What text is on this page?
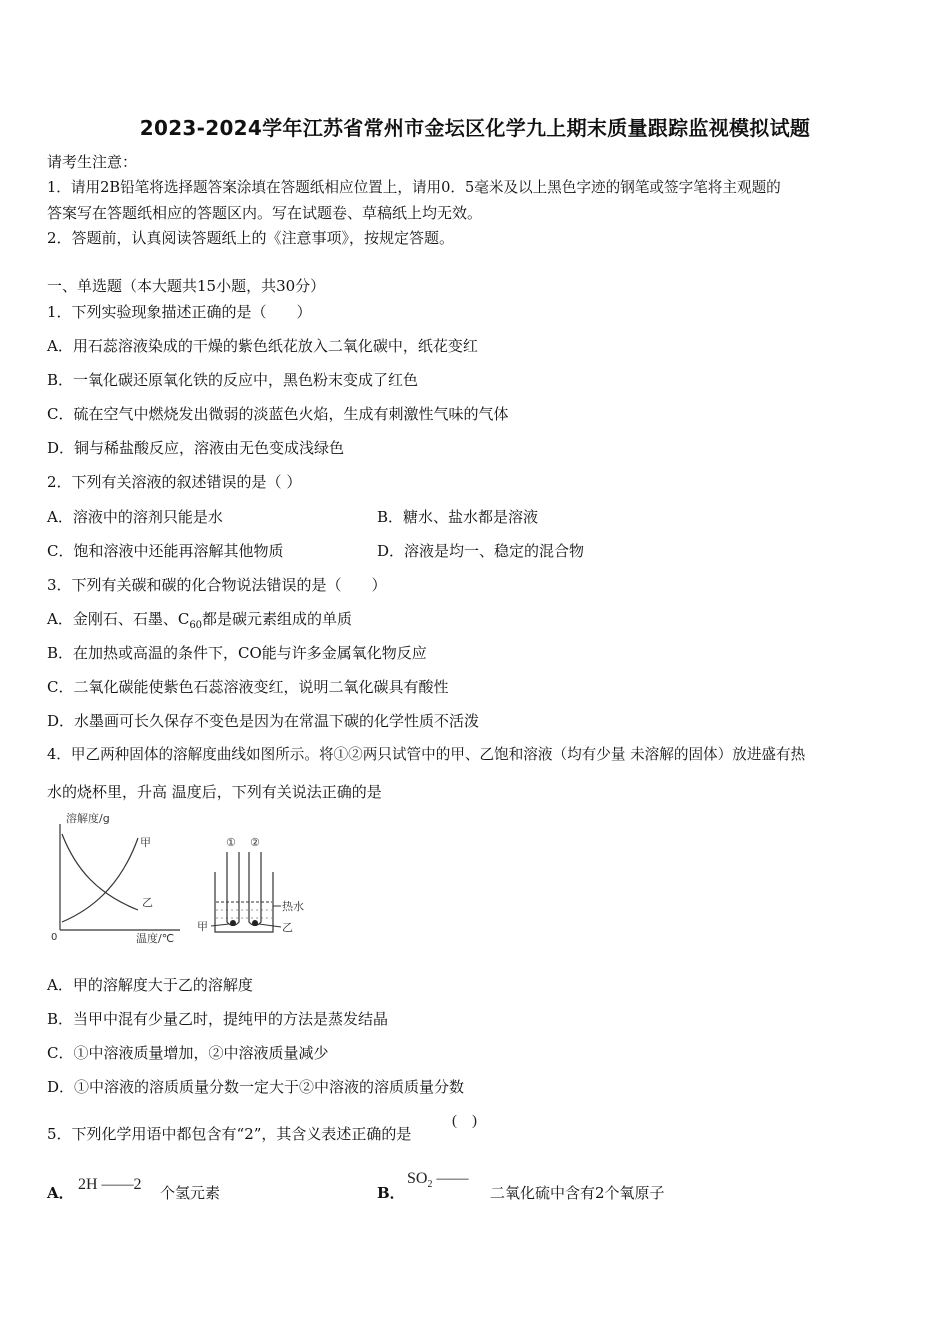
2023-2024学年江苏省常州市金坛区化学九上期末质量跟踪监视模拟试题
请考生注意：
1．请用2B铅笔将选择题答案涂填在答题纸相应位置上，请用0．5毫米及以上黑色字迹的钢笔或签字笔将主观题的
答案写在答题纸相应的答题区内。写在试题卷、草稿纸上均无效。
2．答题前，认真阅读答题纸上的《注意事项》，按规定答题。
一、单选题（本大题共15小题，共30分）
1．下列实验现象描述正确的是（　　）
A．用石蕊溶液染成的干燥的紫色纸花放入二氧化碳中，纸花变红
B．一氧化碳还原氧化铁的反应中，黑色粉末变成了红色
C．硫在空气中燃烧发出微弱的淡蓝色火焰，生成有刺激性气味的气体
D．铜与稀盐酸反应，溶液由无色变成浅绿色
2．下列有关溶液的叙述错误的是（ ）
A．溶液中的溶剂只能是水	B．糖水、盐水都是溶液
C．饱和溶液中还能再溶解其他物质	D．溶液是均一、稳定的混合物
3．下列有关碳和碳的化合物说法错误的是（　　）
A．金刚石、石墨、$C_{60}$都是碳元素组成的单质
B．在加热或高温的条件下，CO能与许多金属氧化物反应
C．二氧化碳能使紫色石蕊溶液变红，说明二氧化碳具有酸性
D．水墨画可长久保存不变色是因为在常温下碳的化学性质不活泼
4．甲乙两种固体的溶解度曲线如图所示。将①②两只试管中的甲、乙饱和溶液（均有少量 未溶解的固体）放进盛有热
水的烧杯里，升高 温度后，下列有关说法正确的是
溶解度/g
温度/℃
0
甲
乙
① ②
热水
甲	乙
A．甲的溶解度大于乙的溶解度
B．当甲中混有少量乙时，提纯甲的方法是蒸发结晶
C．①中溶液质量增加，②中溶液质量减少
D．①中溶液的溶质质量分数一定大于②中溶液的溶质质量分数
5．下列化学用语中都包含有“2”，其含义表述正确的是
(　)
A． 2H ——2 个氢元素	B．
$SO_2$ ——
二氧化硫中含有2个氧原子
